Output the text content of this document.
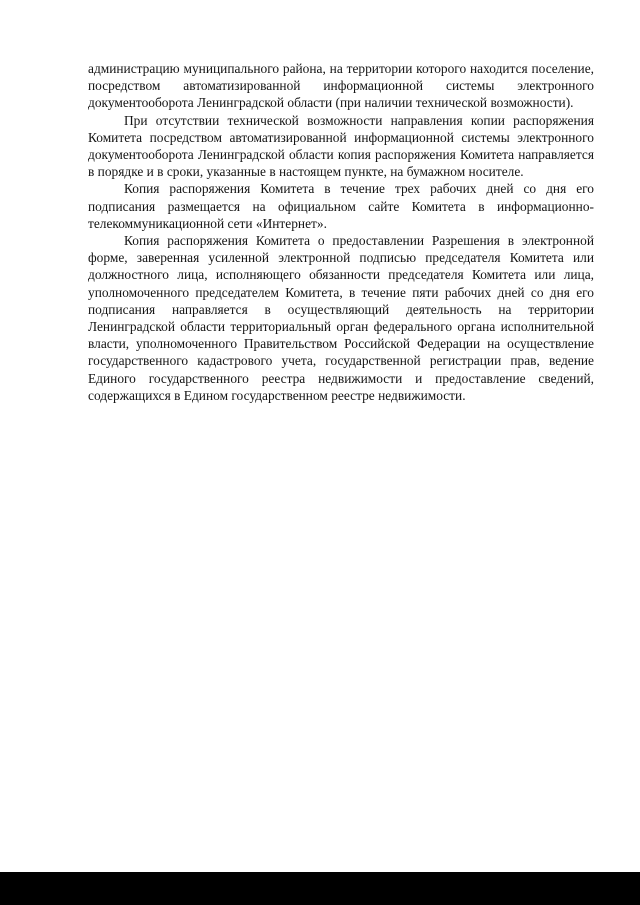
администрацию муниципального района, на территории которого находится поселение, посредством автоматизированной информационной системы электронного документооборота Ленинградской области (при наличии технической возможности).

При отсутствии технической возможности направления копии распоряжения Комитета посредством автоматизированной информационной системы электронного документооборота Ленинградской области копия распоряжения Комитета направляется в порядке и в сроки, указанные в настоящем пункте, на бумажном носителе.

Копия распоряжения Комитета в течение трех рабочих дней со дня его подписания размещается на официальном сайте Комитета в информационно-телекоммуникационной сети «Интернет».

Копия распоряжения Комитета о предоставлении Разрешения в электронной форме, заверенная усиленной электронной подписью председателя Комитета или должностного лица, исполняющего обязанности председателя Комитета или лица, уполномоченного председателем Комитета, в течение пяти рабочих дней со дня его подписания направляется в осуществляющий деятельность на территории Ленинградской области территориальный орган федерального органа исполнительной власти, уполномоченного Правительством Российской Федерации на осуществление государственного кадастрового учета, государственной регистрации прав, ведение Единого государственного реестра недвижимости и предоставление сведений, содержащихся в Едином государственном реестре недвижимости.
